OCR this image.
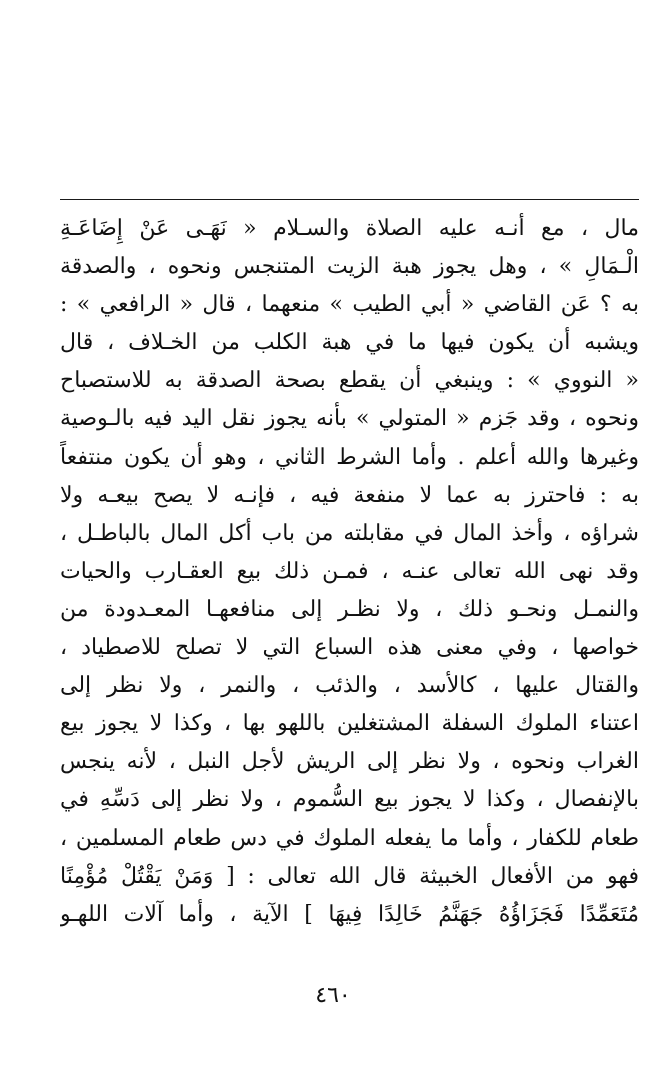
مال ، مع أنـه عليه الصلاة والسـلام « نَهَـى عَنْ إِضَاعَـةِ
الْـمَالِ » ، وهل يجوز هبة الزيت المتنجس ونحوه ، والصدقة
به ؟ عَن القاضي « أبي الطيب » منعهما ، قال « الرافعي » :
ويشبه أن يكون فيها ما في هبة الكلب من الخـلاف ، قال
« النووي » : وينبغي أن يقطع بصحة الصدقة به للاستصباح
ونحوه ، وقد جَزم « المتولي » بأنه يجوز نقل اليد فيه بالـوصية
وغيرها والله أعلم . وأما الشرط الثاني ، وهو أن يكون منتفعاً
به : فاحترز به عما لا منفعة فيه ، فإنـه لا يصح بيعـه ولا
شراؤه ، وأخذ المال في مقابلته من باب أكل المال بالباطـل ،
وقد نهى الله تعالى عنـه ، فمـن ذلك بيع العقـارب والحيات
والنمـل ونحـو ذلك ، ولا نظـر إلى منافعهـا المعـدودة من
خواصها ، وفي معنى هذه السباع التي لا تصلح للاصطياد ،
والقتال عليها ، كالأسد ، والذئب ، والنمر ، ولا نظر إلى
اعتناء الملوك السفلة المشتغلين باللهو بها ، وكذا لا يجوز بيع
الغراب ونحوه ، ولا نظر إلى الريش لأجل النبل ، لأنه ينجس
بالإنفصال ، وكذا لا يجوز بيع السُّموم ، ولا نظر إلى دَسِّهِ في
طعام للكفار ، وأما ما يفعله الملوك في دس طعام المسلمين ،
فهو من الأفعال الخبيثة قال الله تعالى : [ وَمَنْ يَقْتُلْ مُؤْمِنًا
مُتَعَمِّدًا فَجَزَاؤُهُ جَهَنَّمُ خَالِدًا فِيهَا ] الآية ، وأما آلات اللهـو
٤٦٠
